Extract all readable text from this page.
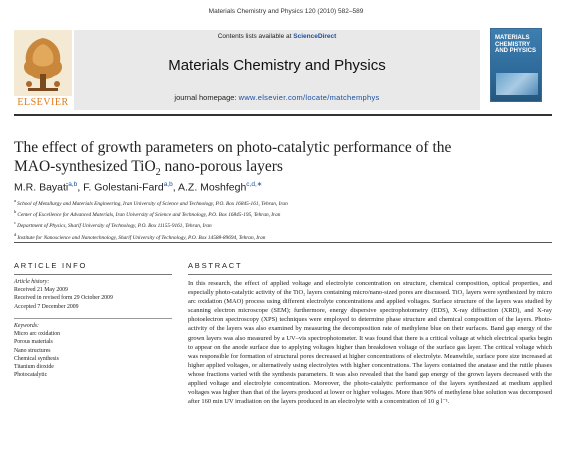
Materials Chemistry and Physics 120 (2010) 582–589
ELSEVIER
Contents lists available at ScienceDirect
Materials Chemistry and Physics
journal homepage: www.elsevier.com/locate/matchemphys
MATERIALS CHEMISTRY AND PHYSICS
The effect of growth parameters on photo-catalytic performance of the
MAO-synthesized TiO$_2$ nano-porous layers
M.R. Bayati$^{a,b}$, F. Golestani-Fard$^{a,b}$, A.Z. Moshfegh$^{c,d,∗}$
$^a$ School of Metallurgy and Materials Engineering, Iran University of Science and Technology, P.O. Box 16845-161, Tehran, Iran
$^b$ Center of Excellence for Advanced Materials, Iran University of Science and Technology, P.O. Box 16845-195, Tehran, Iran
$^c$ Department of Physics, Sharif University of Technology, P.O. Box 11155-9161, Tehran, Iran
$^d$ Institute for Nanoscience and Nanotechnology, Sharif University of Technology, P.O. Box 14588-89694, Tehran, Iran
ARTICLE INFO
Article history:
Received 21 May 2009
Received in revised form 29 October 2009
Accepted 7 December 2009
Keywords:
Micro arc oxidation
Porous materials
Nano structures
Chemical synthesis
Titanium dioxide
Photocatalytic
ABSTRACT
In this research, the effect of applied voltage and electrolyte concentration on structure, chemical composition, optical properties, and especially photo-catalytic activity of the TiO₂ layers containing micro/nano-sized pores are discussed. TiO₂ layers were synthesized by micro arc oxidation (MAO) process using different electrolyte concentrations and applied voltages. Surface structure of the layers was studied by scanning electron microscope (SEM); furthermore, energy dispersive spectrophotometry (EDS), X-ray diffraction (XRD), and X-ray photoelectron spectroscopy (XPS) techniques were employed to determine phase structure and chemical composition of the layers. Photo-activity of the layers was also examined by measuring the decomposition rate of methylene blue on their surfaces. Band gap energy of the grown layers was also measured by a UV–vis spectrophotometer. It was found that there is a critical voltage at which electrical sparks begin to appear on the anode surface due to applying voltages higher than breakdown voltage of the surface gas layer. The critical voltage which was responsible for formation of structural pores decreased at higher concentrations of electrolyte. Meanwhile, surface pore size increased at higher applied voltages, or alternatively using electrolytes with higher concentrations. The layers contained the anatase and the rutile phases whose fractions varied with the synthesis parameters. It was also revealed that the band gap energy of the grown layers decreased with the applied voltage and electrolyte concentration. Moreover, the photo-catalytic performance of the layers synthesized at medium applied voltages was higher than that of the layers produced at lower or higher voltages. More than 90% of methylene blue solution was decomposed after 160 min UV irradiation on the layers produced in an electrolyte with a concentration of 10 g l⁻¹.
